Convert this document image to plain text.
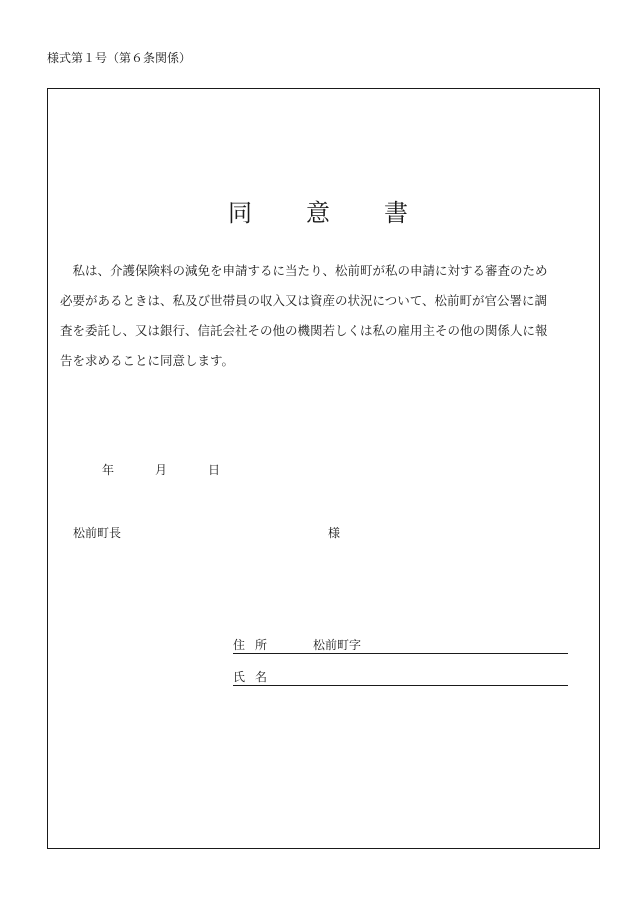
様式第１号（第６条関係）
同 意 書
　私は、介護保険料の減免を申請するに当たり、松前町が私の申請に対する審査のため
必要があるときは、私及び世帯員の収入又は資産の状況について、松前町が官公署に調
査を委託し、又は銀行、信託会社その他の機関若しくは私の雇用主その他の関係人に報
告を求めることに同意します。
年	月	日
松前町長	様
住所	松前町字
氏名
